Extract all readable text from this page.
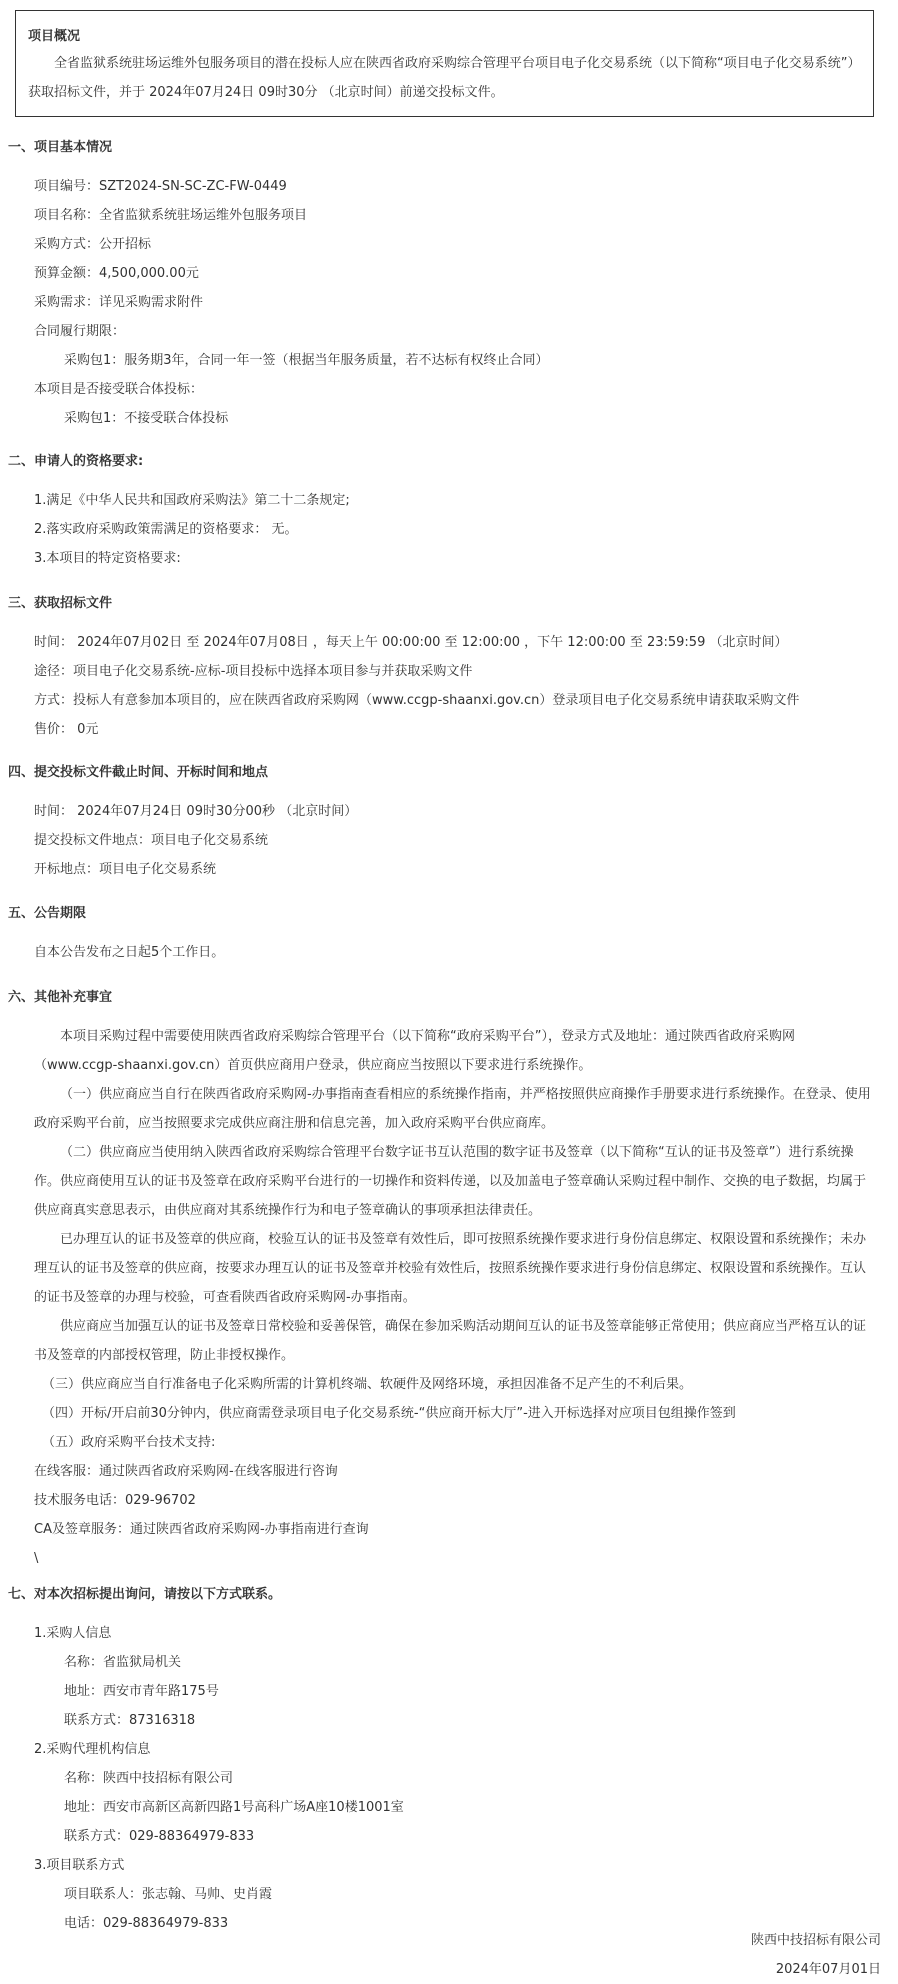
项目概况
全省监狱系统驻场运维外包服务项目的潜在投标人应在陕西省政府采购综合管理平台项目电子化交易系统（以下简称“项目电子化交易系统”）获取招标文件，并于 2024年07月24日 09时30分 （北京时间）前递交投标文件。
一、项目基本情况
项目编号：SZT2024-SN-SC-ZC-FW-0449
项目名称：全省监狱系统驻场运维外包服务项目
采购方式：公开招标
预算金额：4,500,000.00元
采购需求：详见采购需求附件
合同履行期限：
采购包1：服务期3年，合同一年一签（根据当年服务质量，若不达标有权终止合同）
本项目是否接受联合体投标：
采购包1：不接受联合体投标
二、申请人的资格要求:
1.满足《中华人民共和国政府采购法》第二十二条规定;
2.落实政府采购政策需满足的资格要求： 无。
3.本项目的特定资格要求:
三、获取招标文件
时间： 2024年07月02日 至 2024年07月08日 ，每天上午 00:00:00 至 12:00:00 ，下午 12:00:00 至 23:59:59 （北京时间）
途径：项目电子化交易系统-应标-项目投标中选择本项目参与并获取采购文件
方式：投标人有意参加本项目的，应在陕西省政府采购网（www.ccgp-shaanxi.gov.cn）登录项目电子化交易系统申请获取采购文件
售价： 0元
四、提交投标文件截止时间、开标时间和地点
时间： 2024年07月24日 09时30分00秒 （北京时间）
提交投标文件地点：项目电子化交易系统
开标地点：项目电子化交易系统
五、公告期限
自本公告发布之日起5个工作日。
六、其他补充事宜
本项目采购过程中需要使用陕西省政府采购综合管理平台（以下简称“政府采购平台”），登录方式及地址：通过陕西省政府采购网（www.ccgp-shaanxi.gov.cn）首页供应商用户登录，供应商应当按照以下要求进行系统操作。
（一）供应商应当自行在陕西省政府采购网-办事指南查看相应的系统操作指南，并严格按照供应商操作手册要求进行系统操作。在登录、使用政府采购平台前，应当按照要求完成供应商注册和信息完善，加入政府采购平台供应商库。
（二）供应商应当使用纳入陕西省政府采购综合管理平台数字证书互认范围的数字证书及签章（以下简称“互认的证书及签章”）进行系统操作。供应商使用互认的证书及签章在政府采购平台进行的一切操作和资料传递，以及加盖电子签章确认采购过程中制作、交换的电子数据，均属于供应商真实意思表示，由供应商对其系统操作行为和电子签章确认的事项承担法律责任。
已办理互认的证书及签章的供应商，校验互认的证书及签章有效性后，即可按照系统操作要求进行身份信息绑定、权限设置和系统操作；未办理互认的证书及签章的供应商，按要求办理互认的证书及签章并校验有效性后，按照系统操作要求进行身份信息绑定、权限设置和系统操作。互认的证书及签章的办理与校验，可查看陕西省政府采购网-办事指南。
供应商应当加强互认的证书及签章日常校验和妥善保管，确保在参加采购活动期间互认的证书及签章能够正常使用；供应商应当严格互认的证书及签章的内部授权管理，防止非授权操作。
（三）供应商应当自行准备电子化采购所需的计算机终端、软硬件及网络环境，承担因准备不足产生的不利后果。
（四）开标/开启前30分钟内，供应商需登录项目电子化交易系统-“供应商开标大厅”-进入开标选择对应项目包组操作签到
（五）政府采购平台技术支持:
在线客服：通过陕西省政府采购网-在线客服进行咨询
技术服务电话：029-96702
CA及签章服务：通过陕西省政府采购网-办事指南进行查询
\
七、对本次招标提出询问，请按以下方式联系。
1.采购人信息
名称：省监狱局机关
地址：西安市青年路175号
联系方式：87316318
2.采购代理机构信息
名称：陕西中技招标有限公司
地址：西安市高新区高新四路1号高科广场A座10楼1001室
联系方式：029-88364979-833
3.项目联系方式
项目联系人：张志翰、马帅、史肖霞
电话：029-88364979-833
陕西中技招标有限公司
2024年07月01日
